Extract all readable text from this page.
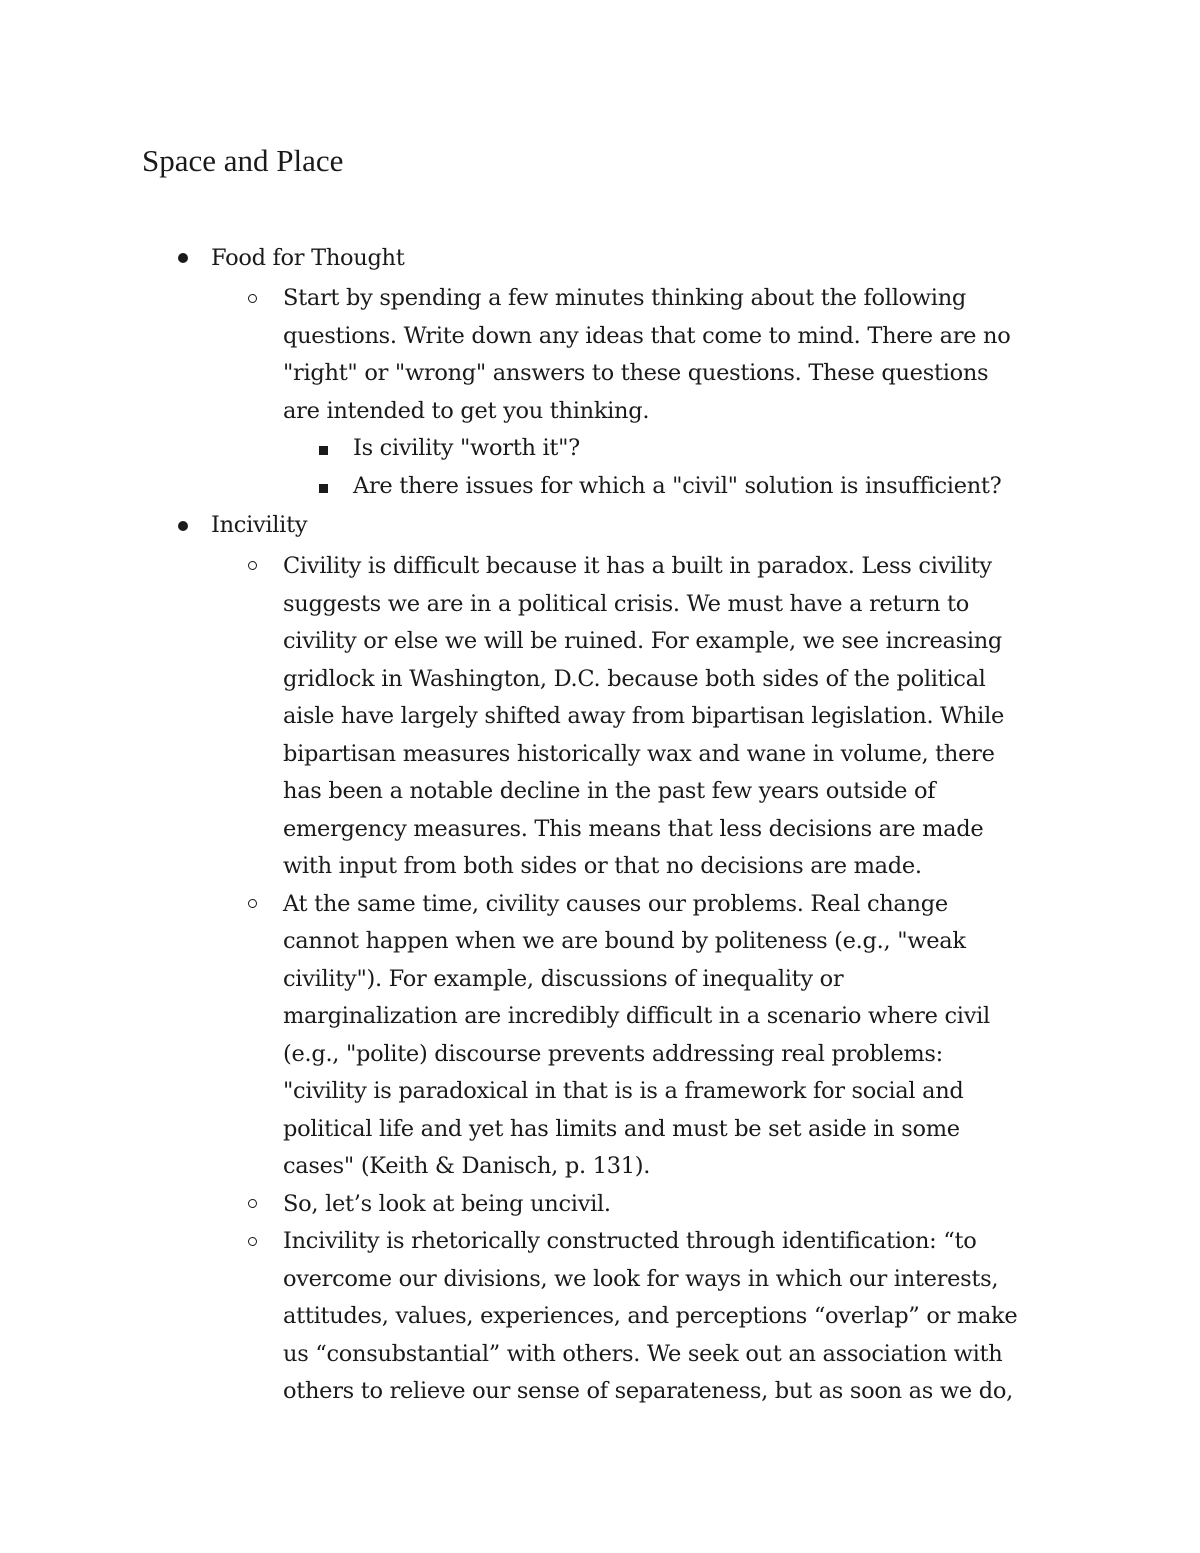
Space and Place
Food for Thought
Start by spending a few minutes thinking about the following
questions. Write down any ideas that come to mind. There are no
"right" or "wrong" answers to these questions. These questions
are intended to get you thinking.
Is civility "worth it"?
Are there issues for which a "civil" solution is insufficient?
Incivility
Civility is difficult because it has a built in paradox. Less civility
suggests we are in a political crisis. We must have a return to
civility or else we will be ruined. For example, we see increasing
gridlock in Washington, D.C. because both sides of the political
aisle have largely shifted away from bipartisan legislation. While
bipartisan measures historically wax and wane in volume, there
has been a notable decline in the past few years outside of
emergency measures. This means that less decisions are made
with input from both sides or that no decisions are made.
At the same time, civility causes our problems. Real change
cannot happen when we are bound by politeness (e.g., "weak
civility"). For example, discussions of inequality or
marginalization are incredibly difficult in a scenario where civil
(e.g., "polite) discourse prevents addressing real problems:
"civility is paradoxical in that is is a framework for social and
political life and yet has limits and must be set aside in some
cases" (Keith & Danisch, p. 131).
So, let’s look at being uncivil.
Incivility is rhetorically constructed through identification: “to
overcome our divisions, we look for ways in which our interests,
attitudes, values, experiences, and perceptions “overlap” or make
us “consubstantial” with others. We seek out an association with
others to relieve our sense of separateness, but as soon as we do,
